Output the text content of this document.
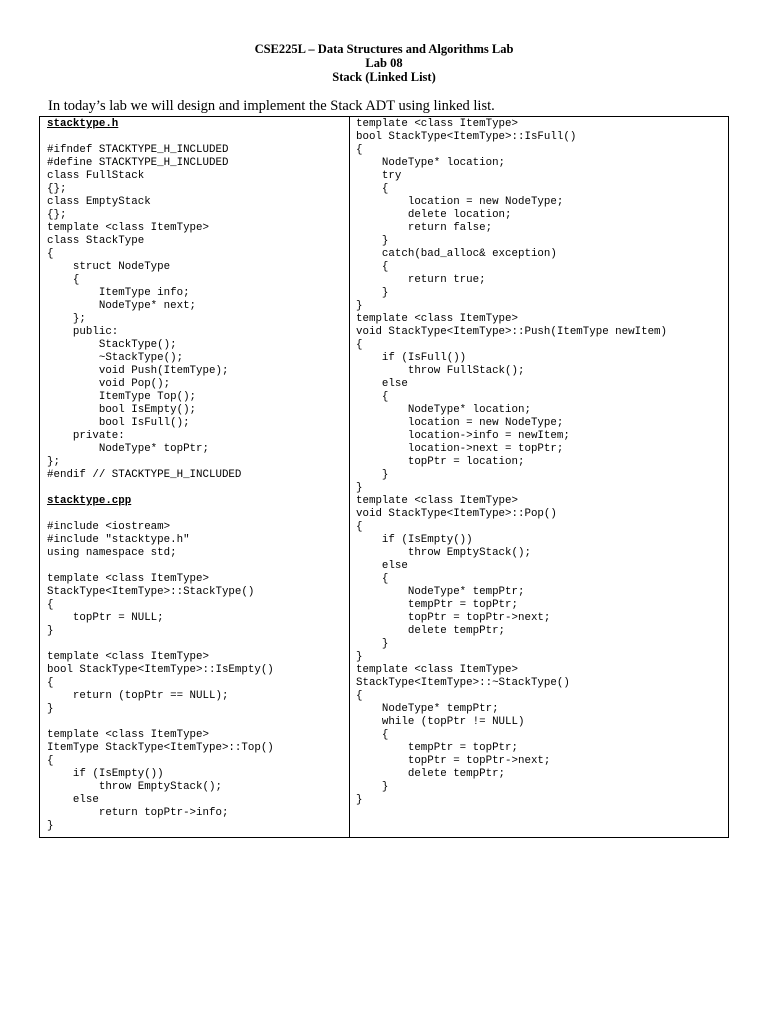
CSE225L – Data Structures and Algorithms Lab
Lab 08
Stack (Linked List)
In today’s lab we will design and implement the Stack ADT using linked list.
stacktype.h
#ifndef STACKTYPE_H_INCLUDED
#define STACKTYPE_H_INCLUDED
class FullStack
{};
class EmptyStack
{};
template <class ItemType>
class StackType
{
struct NodeType
{
ItemType info;
NodeType* next;
};
public:
StackType();
~StackType();
void Push(ItemType);
void Pop();
ItemType Top();
bool IsEmpty();
bool IsFull();
private:
NodeType* topPtr;
};
#endif // STACKTYPE_H_INCLUDED
stacktype.cpp
#include <iostream>
#include "stacktype.h"
using namespace std;
template <class ItemType>
StackType<ItemType>::StackType()
{
topPtr = NULL;
}
template <class ItemType>
bool StackType<ItemType>::IsEmpty()
{
return (topPtr == NULL);
}
template <class ItemType>
ItemType StackType<ItemType>::Top()
{
if (IsEmpty())
throw EmptyStack();
else
return topPtr->info;
}
template <class ItemType>
bool StackType<ItemType>::IsFull()
{
NodeType* location;
try
{
location = new NodeType;
delete location;
return false;
}
catch(bad_alloc& exception)
{
return true;
}
}
template <class ItemType>
void StackType<ItemType>::Push(ItemType newItem)
{
if (IsFull())
throw FullStack();
else
{
NodeType* location;
location = new NodeType;
location->info = newItem;
location->next = topPtr;
topPtr = location;
}
}
template <class ItemType>
void StackType<ItemType>::Pop()
{
if (IsEmpty())
throw EmptyStack();
else
{
NodeType* tempPtr;
tempPtr = topPtr;
topPtr = topPtr->next;
delete tempPtr;
}
}
template <class ItemType>
StackType<ItemType>::~StackType()
{
NodeType* tempPtr;
while (topPtr != NULL)
{
tempPtr = topPtr;
topPtr = topPtr->next;
delete tempPtr;
}
}
